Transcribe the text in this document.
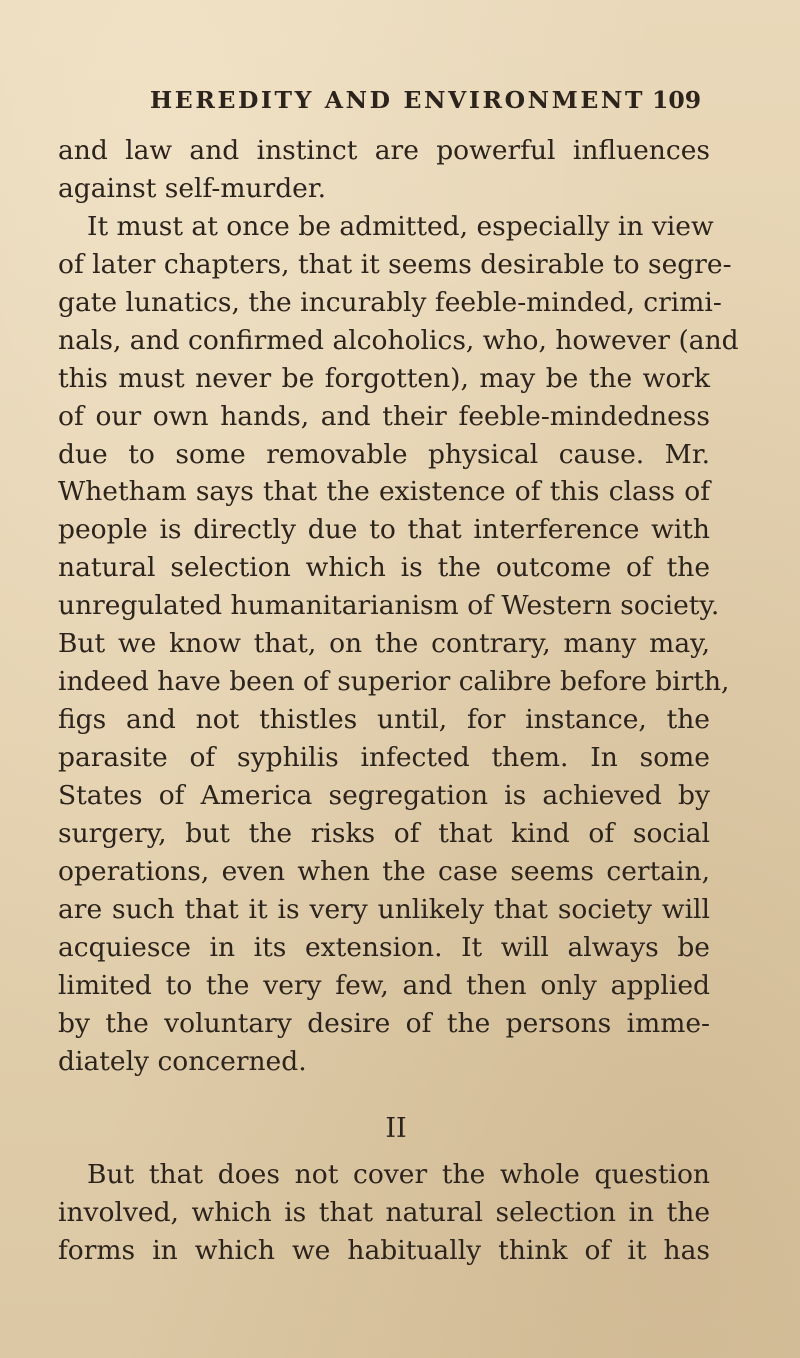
HEREDITY AND ENVIRONMENT 109
and law and instinct are powerful influences
against self-murder.
It must at once be admitted, especially in view
of later chapters, that it seems desirable to segre-
gate lunatics, the incurably feeble-minded, crimi-
nals, and confirmed alcoholics, who, however (and
this must never be forgotten), may be the work
of our own hands, and their feeble-mindedness
due to some removable physical cause. Mr.
Whetham says that the existence of this class of
people is directly due to that interference with
natural selection which is the outcome of the
unregulated humanitarianism of Western society.
But we know that, on the contrary, many may,
indeed have been of superior calibre before birth,
figs and not thistles until, for instance, the
parasite of syphilis infected them. In some
States of America segregation is achieved by
surgery, but the risks of that kind of social
operations, even when the case seems certain,
are such that it is very unlikely that society will
acquiesce in its extension. It will always be
limited to the very few, and then only applied
by the voluntary desire of the persons imme-
diately concerned.
II
But that does not cover the whole question
involved, which is that natural selection in the
forms in which we habitually think of it has
